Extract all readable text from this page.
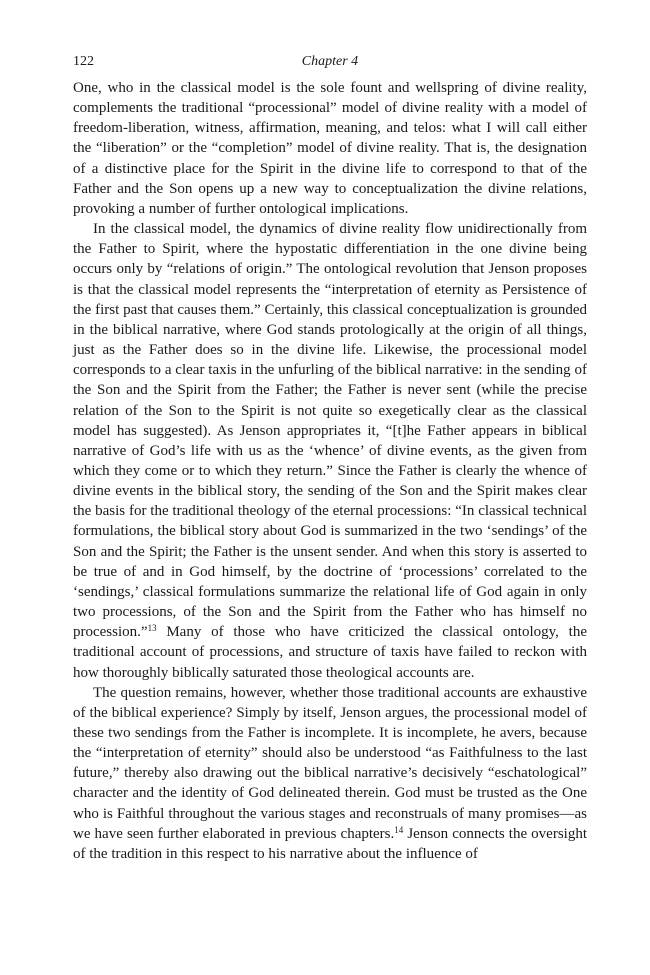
122	Chapter 4

One, who in the classical model is the sole fount and wellspring of divine reality, complements the traditional “processional” model of divine reality with a model of freedom-liberation, witness, affirmation, meaning, and telos: what I will call either the “liberation” or the “completion” model of divine reality. That is, the designation of a distinctive place for the Spirit in the divine life to correspond to that of the Father and the Son opens up a new way to conceptualization the divine relations, provoking a number of further ontological implications.

In the classical model, the dynamics of divine reality flow unidirectionally from the Father to Spirit, where the hypostatic differentiation in the one divine being occurs only by “relations of origin.” The ontological revolution that Jenson proposes is that the classical model represents the “interpretation of eternity as Persistence of the first past that causes them.” Certainly, this classical conceptualization is grounded in the biblical narrative, where God stands protologically at the origin of all things, just as the Father does so in the divine life. Likewise, the processional model corresponds to a clear taxis in the unfurling of the biblical narrative: in the sending of the Son and the Spirit from the Father; the Father is never sent (while the precise relation of the Son to the Spirit is not quite so exegetically clear as the classical model has suggested). As Jenson appropriates it, “[t]he Father appears in biblical narrative of God’s life with us as the ‘whence’ of divine events, as the given from which they come or to which they return.” Since the Father is clearly the whence of divine events in the biblical story, the sending of the Son and the Spirit makes clear the basis for the traditional theology of the eternal processions: “In classical technical formulations, the biblical story about God is summarized in the two ‘sendings’ of the Son and the Spirit; the Father is the unsent sender. And when this story is asserted to be true of and in God himself, by the doctrine of ‘processions’ correlated to the ‘sendings,’ classical formulations summarize the relational life of God again in only two processions, of the Son and the Spirit from the Father who has himself no procession.”$^{13}$ Many of those who have criticized the classical ontology, the traditional account of processions, and structure of taxis have failed to reckon with how thoroughly biblically saturated those theological accounts are.

The question remains, however, whether those traditional accounts are exhaustive of the biblical experience? Simply by itself, Jenson argues, the processional model of these two sendings from the Father is incomplete. It is incomplete, he avers, because the “interpretation of eternity” should also be understood “as Faithfulness to the last future,” thereby also drawing out the biblical narrative’s decisively “eschatological” character and the identity of God delineated therein. God must be trusted as the One who is Faithful throughout the various stages and reconstruals of many promises—as we have seen further elaborated in previous chapters.$^{14}$ Jenson connects the oversight of the tradition in this respect to his narrative about the influence of
